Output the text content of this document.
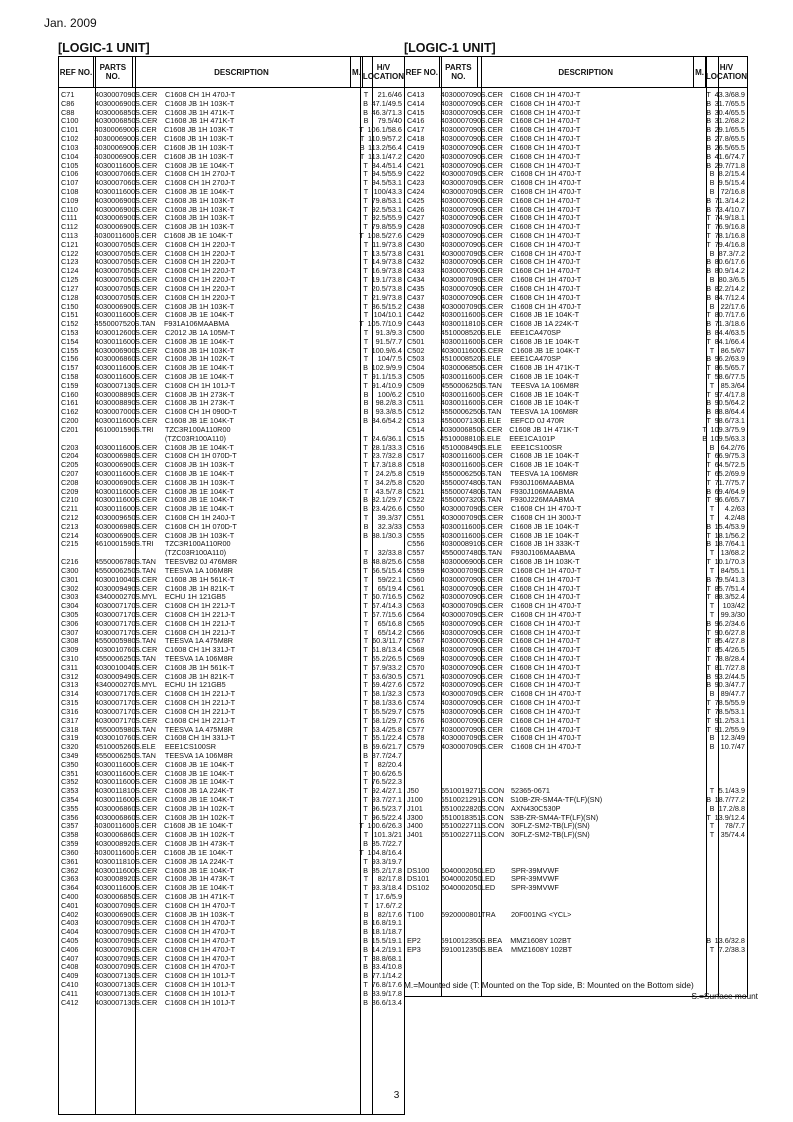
Jan. 2009
[LOGIC-1 UNIT]
REF NO. PARTS NO.	DESCRIPTION	M.	H/V LOCATION
C71	4030007090 S.CER	C1608 CH 1H 470J-T	T	21.6/46
C86	4030006900 S.CER	C1608 JB 1H 103K-T	B 47.1/49.5
C88	4030006850 S.CER	C1608 JB 1H 471K-T	B 46.3/71.3
C100	4030006850 S.CER	C1608 JB 1H 471K-T	B	79.5/40
C101	4030006900 S.CER C1608 JB 1H 103K-T	T 106.1/58.6
C102	4030006900 S.CER C1608 JB 1H 103K-T	T 110.9/57.2
C103	4030006900 S.CER C1608 JB 1H 103K-T	B 113.2/56.4
C104	4030006900 S.CER C1608 JB 1H 103K-T	T 113.1/47.2
C105	4030011600 S.CER	C1608 JB 1E 104K-T	T 84.4/51.4
C106	4030007060 S.CER	C1608 CH 1H 270J-T	T 94.5/55.9
C107	4030007060 S.CER	C1608 CH 1H 270J-T	T 94.5/53.1
C108	4030011600 S.CER	C1608 JB 1E 104K-T	T 100/43.3
C109	4030006900 S.CER	C1608 JB 1H 103K-T	T 79.8/53.1
C110	4030006900 S.CER	C1608 JB 1H 103K-T	T 92.5/53.1
C111	4030006900 S.CER	C1608 JB 1H 103K-T	T 92.5/55.9
C112	4030006900 S.CER	C1608 JB 1H 103K-T	T 79.8/55.9
C113	4030011600 S.CER C1608 JB 1E 104K-T	T 108.5/27.6
C121	4030007050 S.CER	C1608 CH 1H 220J-T	T 11.9/73.8
C122	4030007050 S.CER	C1608 CH 1H 220J-T	T 13.5/73.8
C123	4030007050 S.CER	C1608 CH 1H 220J-T	T 14.9/73.8
C124	4030007050 S.CER	C1608 CH 1H 220J-T	T 16.9/73.8
C125	4030007050 S.CER	C1608 CH 1H 220J-T	T 19.1/73.8
C127	4030007050 S.CER	C1608 CH 1H 220J-T	T 20.5/73.8
C128	4030007050 S.CER	C1608 CH 1H 220J-T	T 21.9/73.8
C150	4030006900 S.CER	C1608 JB 1H 103K-T	T 86.5/15.2
C151	4030011600 S.CER	C1608 JB 1E 104K-T	T 104/10.1
C152	4550007520 S.TAN	F931A106MAABMA	T 105.7/10.9
C153	4030012600 S.CER	C2012 JB 1A 105M-T	T	91.3/9.3
C154	4030011600 S.CER	C1608 JB 1E 104K-T	T	91.5/7.7
C155	4030006900 S.CER	C1608 JB 1H 103K-T	T 100.9/6.4
C156	4030006860 S.CER	C1608 JB 1H 102K-T	T	104/7.5
C157	4030011600 S.CER	C1608 JB 1E 104K-T	B 102.9/9.9
C158	4030011600 S.CER	C1608 JB 1E 104K-T	T 91.1/15.3
C159	4030007130 S.CER	C1608 CH 1H 101J-T	T 91.4/10.9
C160	4030008890 S.CER	C1608 JB 1H 273K-T	B	100/6.2
C161	4030008890 S.CER	C1608 JB 1H 273K-T	B 98.2/8.3
C162	4030007000 S.CER	C1608 CH 1H 090D-T	B 93.3/8.5
C200	4030011600 S.CER	C1608 JB 1E 104K-T	B 34.6/54.2
C201	4610001590 S.TRI	TZC3R100A110R00
(TZC03R100A110)	T 24.6/36.1
C203	4030011600 S.CER	C1608 JB 1E 104K-T	T 28.1/33.3
C204	4030006980 S.CER	C1608 CH 1H 070D-T	T 23.7/32.8
C205	4030006900 S.CER	C1608 JB 1H 103K-T	T 17.3/18.8
C207	4030011600 S.CER	C1608 JB 1E 104K-T	T	24.2/5.8
C208	4030006900 S.CER	C1608 JB 1H 103K-T	T	34.2/5.8
C209	4030011600 S.CER	C1608 JB 1E 104K-T	T	43.5/7.8
C210	4030011600 S.CER	C1608 JB 1E 104K-T	B 32.1/29.7
C211	4030011600 S.CER	C1608 JB 1E 104K-T	B 23.4/26.6
C212	4030009650 S.CER	C1608 CH 1H 240J-T	T	39.3/37
C213	4030006980 S.CER	C1608 CH 1H 070D-T	B	32.3/33
C214	4030006900 S.CER	C1608 JB 1H 103K-T	B 38.1/30.3
C215	4610001590 S.TRI	TZC3R100A110R00
(TZC03R100A110)	T	32/33.8
C216	4550006780 S.TAN	TEESVB2 0J 476M8R	B 48.8/25.6
C300	4550006250 S.TAN	TEESVA 1A 106M8R	T 56.5/15.4
C301	4030010040 S.CER	C1608 JB 1H 561K-T	T	59/22.1
C302	4030009490 S.CER	C1608 JB 1H 821K-T	T	65/19.4
C303	4340000270 S.MYL	ECHU 1H 121GB5	T 60.7/16.5
C304	4030007170 S.CER	C1608 CH 1H 221J-T	T 67.4/14.3
C305	4030007170 S.CER	C1608 CH 1H 221J-T	T 67.7/15.6
C306	4030007170 S.CER	C1608 CH 1H 221J-T	T	65/16.8
C307	4030007170 S.CER	C1608 CH 1H 221J-T	T	65/14.2
C308	4550005980 S.TAN	TEESVA 1A 475M8R	T 60.3/11.7
C309	4030010760 S.CER	C1608 CH 1H 331J-T	T 61.8/13.4
C310	4550006250 S.TAN	TEESVA 1A 106M8R	T 55.2/26.5
C311	4030010040 S.CER	C1608 JB 1H 561K-T	T 57.9/33.2
C312	4030009490 S.CER	C1608 JB 1H 821K-T	T 63.6/30.5
C313	4340000270 S.MYL	ECHU 1H 121GB5	T 59.4/27.6
C314	4030007170 S.CER	C1608 CH 1H 221J-T	T 68.1/32.3
C315	4030007170 S.CER	C1608 CH 1H 221J-T	T 68.1/33.6
C316	4030007170 S.CER	C1608 CH 1H 221J-T	T 65.5/29.7
C317	4030007170 S.CER	C1608 CH 1H 221J-T	T 68.1/29.7
C318	4550005980 S.TAN	TEESVA 1A 475M8R	T 63.4/25.8
C319	4030010760 S.CER	C1608 CH 1H 331J-T	T 65.1/22.4
C320	4510005260 S.ELE	EEE1CS100SR	B 59.6/21.7
C349	4550006250 S.TAN	TEESVA 1A 106M8R	B 87.7/24.7
C350	4030011600 S.CER	C1608 JB 1E 104K-T	T	82/20.4
C351	4030011600 S.CER	C1608 JB 1E 104K-T	T 90.6/26.5
C352	4030011600 S.CER	C1608 JB 1E 104K-T	T 76.5/22.3
C353	4030011810 S.CER	C1608 JB 1A 224K-T	T 92.4/27.1
C354	4030011600 S.CER	C1608 JB 1E 104K-T	T 93.7/27.1
C355	4030006860 S.CER	C1608 JB 1H 102K-T	T 96.5/23.7
C356	4030006860 S.CER	C1608 JB 1H 102K-T	T 96.5/22.4
C357	4030011600 S.CER C1608 JB 1E 104K-T	T 100.6/26.3
C358	4030006860 S.CER	C1608 JB 1H 102K-T	T 101.3/21
C359	4030008920 S.CER	C1608 JB 1H 473K-T	B 85.7/22.7
C360	4030011600 S.CER C1608 JB 1E 104K-T	T 104.8/16.4
C361	4030011810 S.CER	C1608 JB 1A 224K-T	T 93.3/19.7
C362	4030011600 S.CER	C1608 JB 1E 104K-T	B 85.2/17.8
C363	4030008920 S.CER	C1608 JB 1H 473K-T	T	82/17.8
C364	4030011600 S.CER	C1608 JB 1E 104K-T	T 93.3/18.4
C400	4030006850 S.CER	C1608 JB 1H 471K-T	T	17.6/5.9
C401	4030007090 S.CER	C1608 CH 1H 470J-T	T	17.6/7.2
C402	4030006900 S.CER	C1608 JB 1H 103K-T	B	82/17.6
C403	4030007090 S.CER	C1608 CH 1H 470J-T	B 16.8/19.1
C404	4030007090 S.CER	C1608 CH 1H 470J-T	B 18.1/18.7
C405	4030007090 S.CER	C1608 CH 1H 470J-T	B 15.5/19.1
C406	4030007090 S.CER	C1608 CH 1H 470J-T	B 14.2/19.1
C407	4030007090 S.CER	C1608 CH 1H 470J-T	T 38.8/68.1
C408	4030007090 S.CER	C1608 CH 1H 470J-T	B 83.4/10.8
C409	4030007130 S.CER	C1608 CH 1H 101J-T	B 77.1/14.2
C410	4030007130 S.CER	C1608 CH 1H 101J-T	T 76.8/17.6
C411	4030007130 S.CER	C1608 CH 1H 101J-T	B 83.9/17.8
C412	4030007130 S.CER	C1608 CH 1H 101J-T	B 86.6/13.4
[LOGIC-1 UNIT]
REF NO. PARTS NO.	DESCRIPTION	M.	H/V LOCATION
C413	4030007090 S.CER	C1608 CH 1H 470J-T	T 43.3/68.9
C414	4030007090 S.CER	C1608 CH 1H 470J-T	B 31.7/65.5
C415	4030007090 S.CER	C1608 CH 1H 470J-T	B 30.4/65.5
C416	4030007090 S.CER	C1608 CH 1H 470J-T	B 31.2/68.2
C417	4030007090 S.CER	C1608 CH 1H 470J-T	B 29.1/65.5
C418	4030007090 S.CER	C1608 CH 1H 470J-T	B 27.8/65.5
C419	4030007090 S.CER	C1608 CH 1H 470J-T	B 26.5/65.5
C420	4030007090 S.CER	C1608 CH 1H 470J-T	B 41.6/74.7
C421	4030007090 S.CER	C1608 CH 1H 470J-T	B 29.7/71.8
C422	4030007090 S.CER	C1608 CH 1H 470J-T	B 8.2/15.4
C423	4030007090 S.CER	C1608 CH 1H 470J-T	B 9.5/15.4
C424	4030007090 S.CER	C1608 CH 1H 470J-T	B 72/16.8
C425	4030007090 S.CER	C1608 CH 1H 470J-T	B 71.3/14.2
C426	4030007090 S.CER	C1608 CH 1H 470J-T	B 73.4/10.7
C427	4030007090 S.CER	C1608 CH 1H 470J-T	T 74.9/18.1
C428	4030007090 S.CER	C1608 CH 1H 470J-T	T 76.9/16.8
C429	4030007090 S.CER	C1608 CH 1H 470J-T	T 78.1/16.8
C430	4030007090 S.CER	C1608 CH 1H 470J-T	T 79.4/16.8
C431	4030007090 S.CER	C1608 CH 1H 470J-T	B 87.3/7.2
C432	4030007090 S.CER	C1608 CH 1H 470J-T	B 80.6/17.6
C433	4030007090 S.CER	C1608 CH 1H 470J-T	B 80.9/14.2
C434	4030007090 S.CER	C1608 CH 1H 470J-T	B 80.3/6.5
C435	4030007090 S.CER	C1608 CH 1H 470J-T	B 82.2/14.2
C437	4030007090 S.CER	C1608 CH 1H 470J-T	B 84.7/12.4
C438	4030007090 S.CER	C1608 CH 1H 470J-T	B 22/17.6
C442	4030011600 S.CER	C1608 JB 1E 104K-T	T 80.7/17.6
C443	4030011810 S.CER	C1608 JB 1A 224K-T	B 71.3/18.6
C500	4510008520 S.ELE	EEE1CA470SP	B 84.4/63.5
C501	4030011600 S.CER	C1608 JB 1E 104K-T	T 84.1/66.4
C502	4030011600 S.CER	C1608 JB 1E 104K-T	T 86.5/67
C503	4510008520 S.ELE	EEE1CA470SP	B 96.2/63.9
C504	4030006850 S.CER	C1608 JB 1H 471K-T	T 86.5/65.7
C505	4030011600 S.CER	C1608 JB 1E 104K-T	T 58.6/77.5
C509	4550006250 S.TAN	TEESVA 1A 106M8R	T 85.3/64
C510	4030011600 S.CER	C1608 JB 1E 104K-T	T 97.4/17.8
C511	4030011600 S.CER	C1608 JB 1E 104K-T	B 90.5/64.2
C512	4550006250 S.TAN	TEESVA 1A 106M8R	B 88.8/64.4
C513	4550007130 S.ELE	EEFCD 0J 470R	T 98.6/73.1
C514	4030006850 S.CER C1608 JB 1H 471K-T	T 109.3/75.9
C515	4510008810 S.ELE	EEE1CA101P	B 109.5/63.3
C516	4510008490 S.ELE	EEE1CS100SR	B 64.2/76
C517	4030011600 S.CER	C1608 JB 1E 104K-T	T 66.9/75.3
C518	4030011600 S.CER	C1608 JB 1E 104K-T	T 64.5/72.5
C519	4550006250 S.TAN	TEESVA 1A 106M8R	T 65.2/69.9
C520	4550007480 S.TAN	F930J106MAABMA	T 71.7/75.7
C521	4550007480 S.TAN	F930J106MAABMA	B 69.4/64.9
C522	4550007320 S.TAN	F930J226MAABMA	T 96.6/65.7
C550	4030007090 S.CER	C1608 CH 1H 470J-T	T	4.2/63
C551	4030007090 S.CER	C1608 CH 1H 300J-T	T	4.2/48
C553	4030011600 S.CER	C1608 JB 1E 104K-T	B 15.4/53.9
C555	4030011600 S.CER	C1608 JB 1E 104K-T	T 18.1/56.2
C556	4030008910 S.CER	C1608 JB 1H 333K-T	B 18.7/64.1
C557	4550007480 S.TAN	F930J106MAABMA	T 13/68.2
C558	4030006900 S.CER	C1608 JB 1H 103K-T	T 10.1/70.3
C559	4030007090 S.CER	C1608 CH 1H 470J-T	T 84/55.1
C560	4030007090 S.CER	C1608 CH 1H 470J-T	B 79.5/41.3
C561	4030007090 S.CER	C1608 CH 1H 470J-T	T 85.7/51.4
C562	4030007090 S.CER	C1608 CH 1H 470J-T	T 88.3/52.4
C563	4030007090 S.CER	C1608 CH 1H 470J-T	T	103/42
C564	4030007090 S.CER	C1608 CH 1H 470J-T	T 99.3/30
C565	4030007090 S.CER	C1608 CH 1H 470J-T	B 96.2/34.6
C566	4030007090 S.CER	C1608 CH 1H 470J-T	T 90.6/27.8
C567	4030007090 S.CER	C1608 CH 1H 470J-T	T 85.4/27.8
C568	4030007090 S.CER	C1608 CH 1H 470J-T	T 85.4/26.5
C569	4030007090 S.CER	C1608 CH 1H 470J-T	T 78.8/28.4
C570	4030007090 S.CER	C1608 CH 1H 470J-T	T 81.7/27.8
C571	4030007090 S.CER	C1608 CH 1H 470J-T	B 93.2/44.5
C572	4030007090 S.CER	C1608 CH 1H 470J-T	B 90.3/47.7
C573	4030007090 S.CER	C1608 CH 1H 470J-T	B 89/47.7
C574	4030007090 S.CER	C1608 CH 1H 470J-T	T 78.5/55.9
C575	4030007090 S.CER	C1608 CH 1H 470J-T	T 78.5/53.1
C576	4030007090 S.CER	C1608 CH 1H 470J-T	T 91.2/53.1
C577	4030007090 S.CER	C1608 CH 1H 470J-T	T 91.2/55.9
C578	4030007090 S.CER	C1608 CH 1H 470J-T	B 12.3/49
C579	4030007090 S.CER	C1608 CH 1H 470J-T	B 10.7/47
J50	6510019271 S.CON 52365-0671	T 5.1/43.9
J100	6510021291 S.CON S10B-ZR-SM4A-TF(LF)(SN)	B 18.7/77.2
J101	6510022820 S.CON AXN430C530P	B 17.2/8.8
J300	6510018351 S.CON S3B-ZR-SM4A-TF(LF)(SN)	T 13.9/12.4
J400	6510022711 S.CON 30FLZ-SM2-TB(LF)(SN)	T	78/7.7
J401	6510022711 S.CON 30FLZ-SM2-TB(LF)(SN)	T 35/74.4
DS100	5040002050 LED	SPR-39MVWF
DS101	5040002050 LED	SPR-39MVWF
DS102	5040002050 LED	SPR-39MVWF
T100	5920000801 TRA	20F001NG <YCL>
EP2	6910012350 S.BEA	MMZ1608Y 102BT	B 13.6/32.8
EP3	6910012350 S.BEA	MMZ1608Y 102BT	T 7.2/38.3
M.=Mounted side (T: Mounted on the Top side, B: Mounted on the Bottom side)
S.=Surface mount
3
